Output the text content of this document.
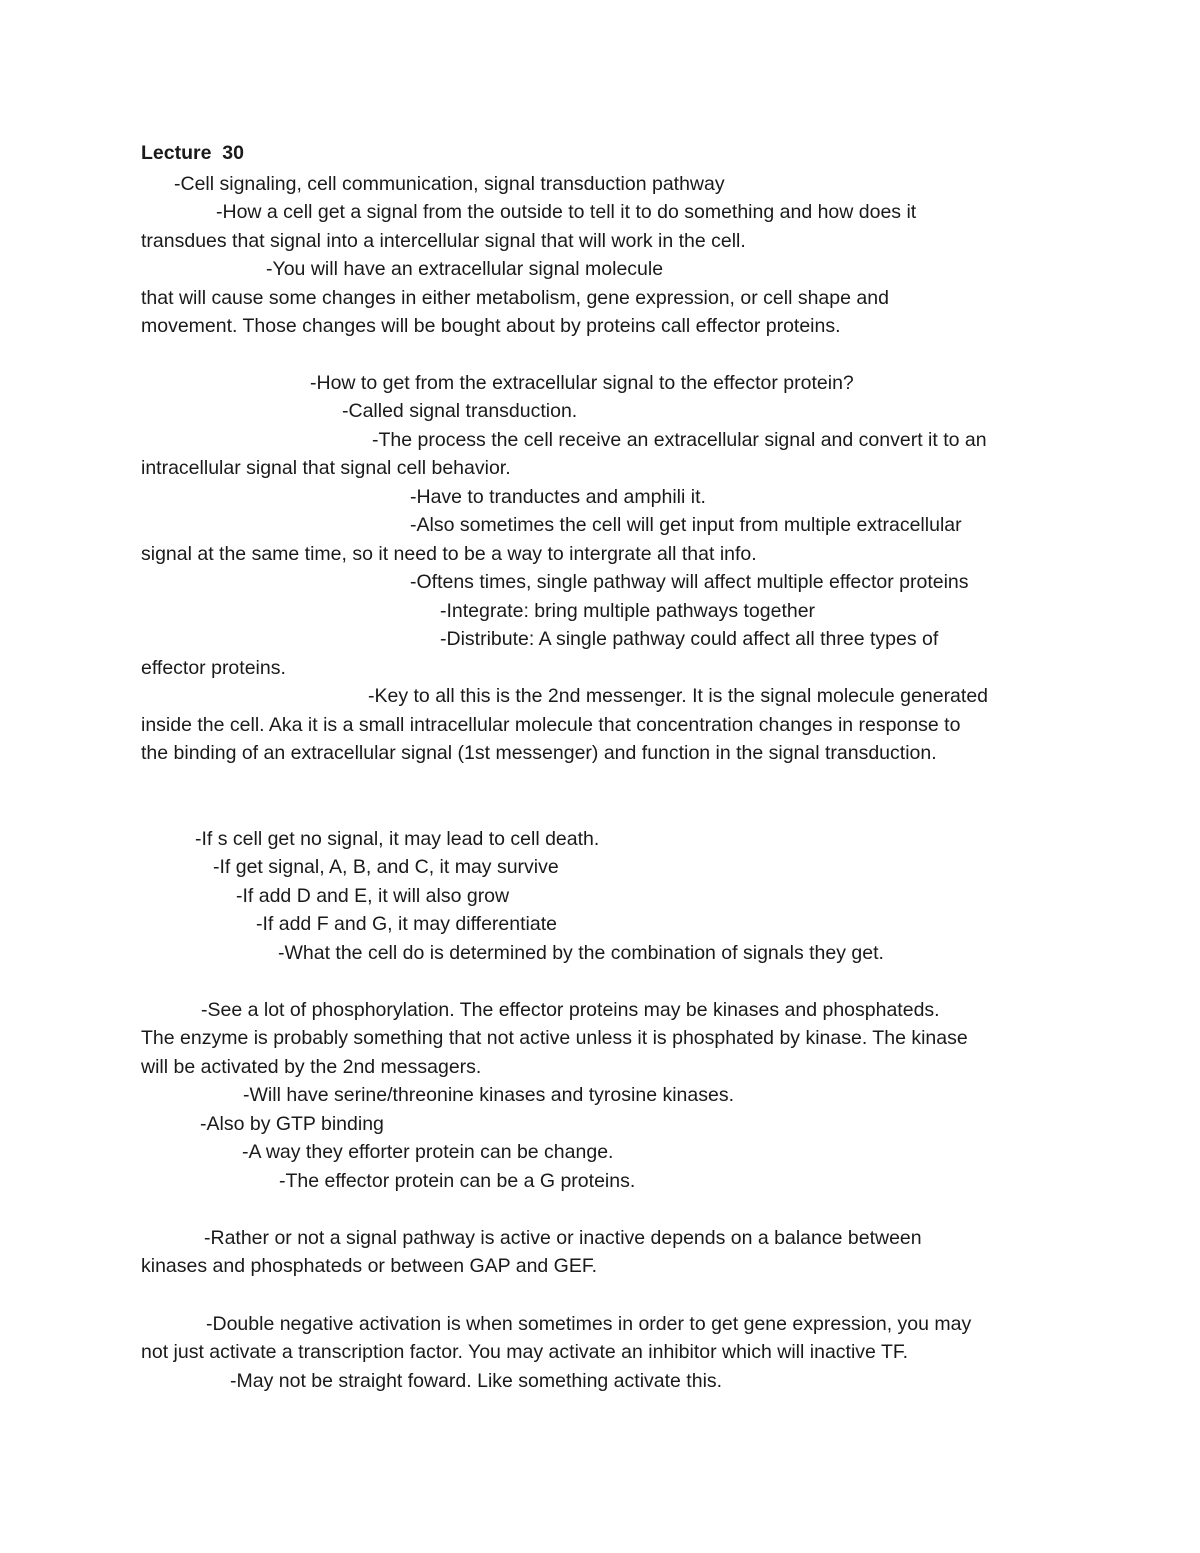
Lecture  30
-Cell signaling, cell communication, signal transduction pathway
-How a cell get a signal from the outside to tell it to do something and how does it
transdues that signal into a intercellular signal that will work in the cell.
-You will have an extracellular signal molecule
that will cause some changes in either metabolism, gene expression, or cell shape and
movement. Those changes will be bought about by proteins call effector proteins.
-How to get from the extracellular signal to the effector protein?
-Called signal transduction.
-The process the cell receive an extracellular signal and convert it to an
intracellular signal that signal cell behavior.
-Have to tranductes and amphili it.
-Also sometimes the cell will get input from multiple extracellular
signal at the same time, so it need to be a way to intergrate all that info.
-Oftens times, single pathway will affect multiple effector proteins
-Integrate: bring multiple pathways together
-Distribute: A single pathway could affect all three types of
effector proteins.
-Key to all this is the 2nd messenger. It is the signal molecule generated
inside the cell. Aka it is a small intracellular molecule that concentration changes in response to
the binding of an extracellular signal (1st messenger) and function in the signal transduction.
-If s cell get no signal, it may lead to cell death.
-If get signal, A, B, and C, it may survive
-If add D and E, it will also grow
-If add F and G, it may differentiate
-What the cell do is determined by the combination of signals they get.
-See a lot of phosphorylation. The effector proteins may be kinases and phosphateds.
The enzyme is probably something that not active unless it is phosphated by kinase. The kinase
will be activated by the 2nd messagers.
-Will have serine/threonine kinases and tyrosine kinases.
-Also by GTP binding
-A way they efforter protein can be change.
-The effector protein can be a G proteins.
-Rather or not a signal pathway is active or inactive depends on a balance between
kinases and phosphateds or between GAP and GEF.
-Double negative activation is when sometimes in order to get gene expression, you may
not just activate a transcription factor. You may activate an inhibitor which will inactive TF.
-May not be straight foward. Like something activate this.
